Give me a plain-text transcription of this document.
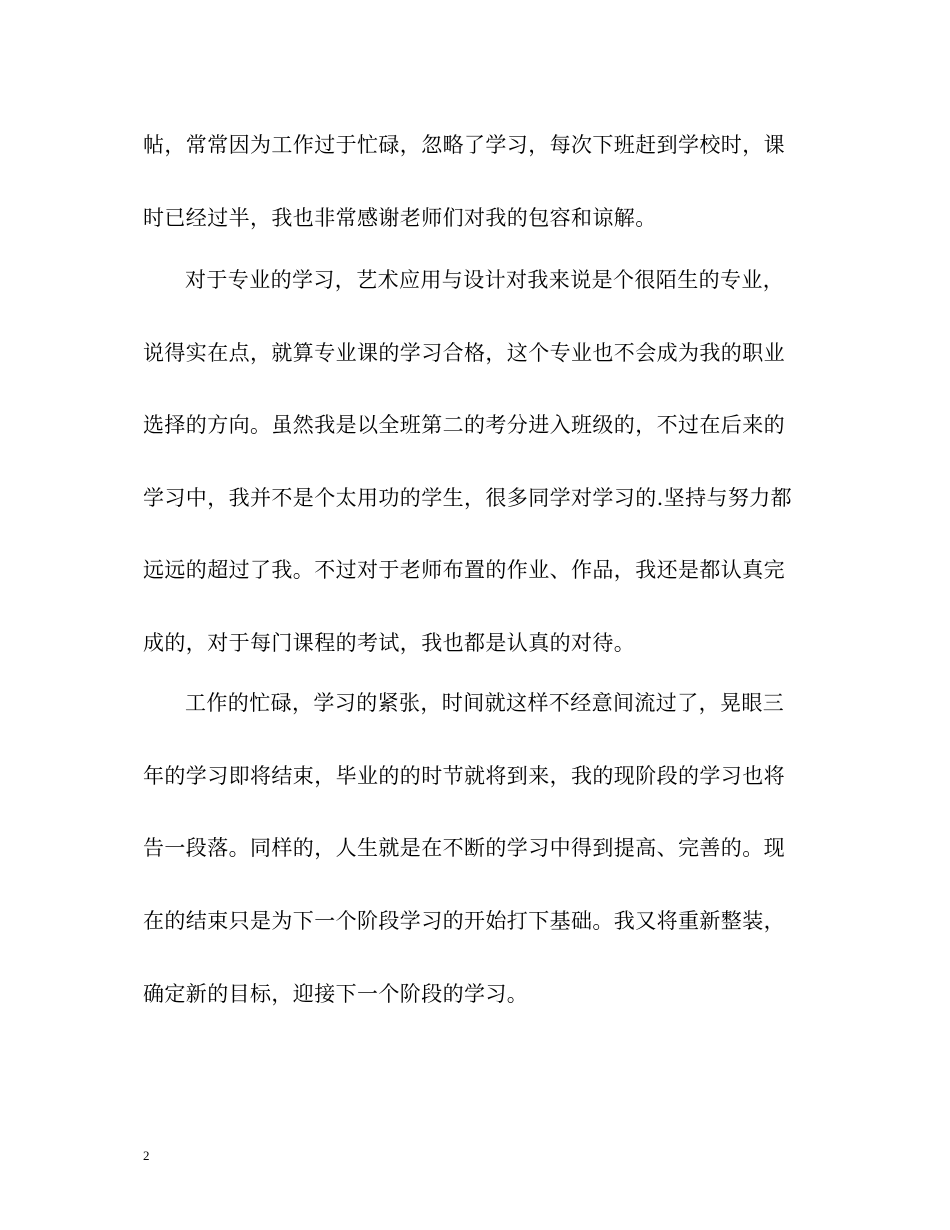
帖，常常因为工作过于忙碌，忽略了学习，每次下班赶到学校时，课
时已经过半，我也非常感谢老师们对我的包容和谅解。
对于专业的学习，艺术应用与设计对我来说是个很陌生的专业，
说得实在点，就算专业课的学习合格，这个专业也不会成为我的职业
选择的方向。虽然我是以全班第二的考分进入班级的，不过在后来的
学习中，我并不是个太用功的学生，很多同学对学习的.坚持与努力都
远远的超过了我。不过对于老师布置的作业、作品，我还是都认真完
成的，对于每门课程的考试，我也都是认真的对待。
工作的忙碌，学习的紧张，时间就这样不经意间流过了，晃眼三
年的学习即将结束，毕业的的时节就将到来，我的现阶段的学习也将
告一段落。同样的，人生就是在不断的学习中得到提高、完善的。现
在的结束只是为下一个阶段学习的开始打下基础。我又将重新整装，
确定新的目标，迎接下一个阶段的学习。
2
